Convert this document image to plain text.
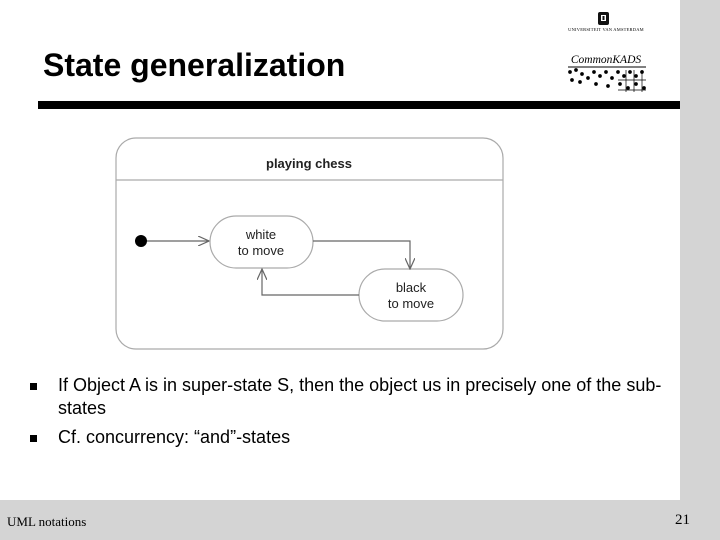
State generalization
UNIVERSITEIT VAN AMSTERDAM
CommonKADS
playing chess
white
to move
black
to move
If Object A is in super-state S, then the object us in precisely one of the sub-states
Cf. concurrency: “and”-states
UML notations	21
